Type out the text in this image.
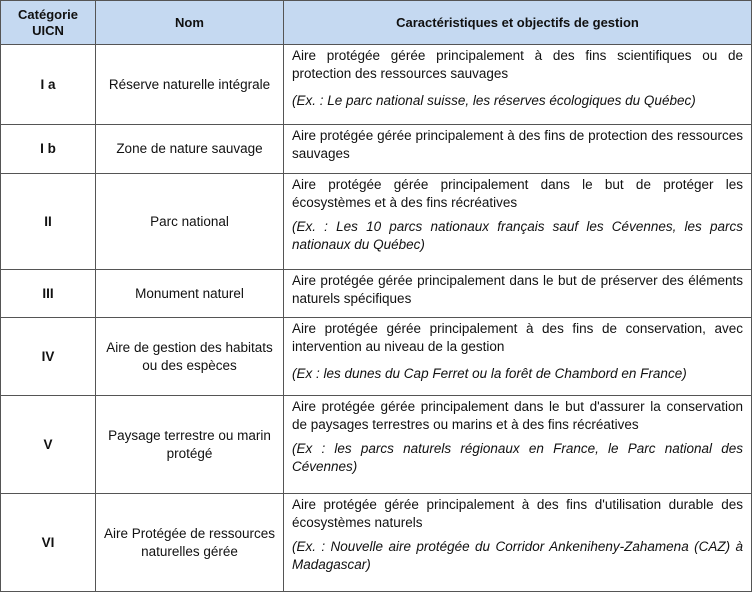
Catégorie UICN	Nom	Caractéristiques et objectifs de gestion
I a	Réserve naturelle intégrale	Aire protégée gérée principalement à des fins scientifiques ou de protection des ressources sauvages

(Ex. : Le parc national suisse, les réserves écologiques du Québec)

I b	Zone de nature sauvage	Aire protégée gérée principalement à des fins de protection des ressources sauvages

II	Parc national	Aire protégée gérée principalement dans le but de protéger les écosystèmes et à des fins récréatives

(Ex. : Les 10 parcs nationaux français sauf les Cévennes, les parcs nationaux du Québec)

III	Monument naturel	Aire protégée gérée principalement dans le but de préserver des éléments naturels spécifiques

IV	Aire de gestion des habitats ou des espèces	Aire protégée gérée principalement à des fins de conservation, avec intervention au niveau de la gestion

(Ex : les dunes du Cap Ferret ou la forêt de Chambord en France)

V	Paysage terrestre ou marin protégé	Aire protégée gérée principalement dans le but d'assurer la conservation de paysages terrestres ou marins et à des fins récréatives

(Ex : les parcs naturels régionaux en France, le Parc national des Cévennes)

VI	Aire Protégée de ressources naturelles gérée	Aire protégée gérée principalement à des fins d'utilisation durable des écosystèmes naturels

(Ex. : Nouvelle aire protégée du Corridor Ankeniheny-Zahamena (CAZ) à Madagascar)
